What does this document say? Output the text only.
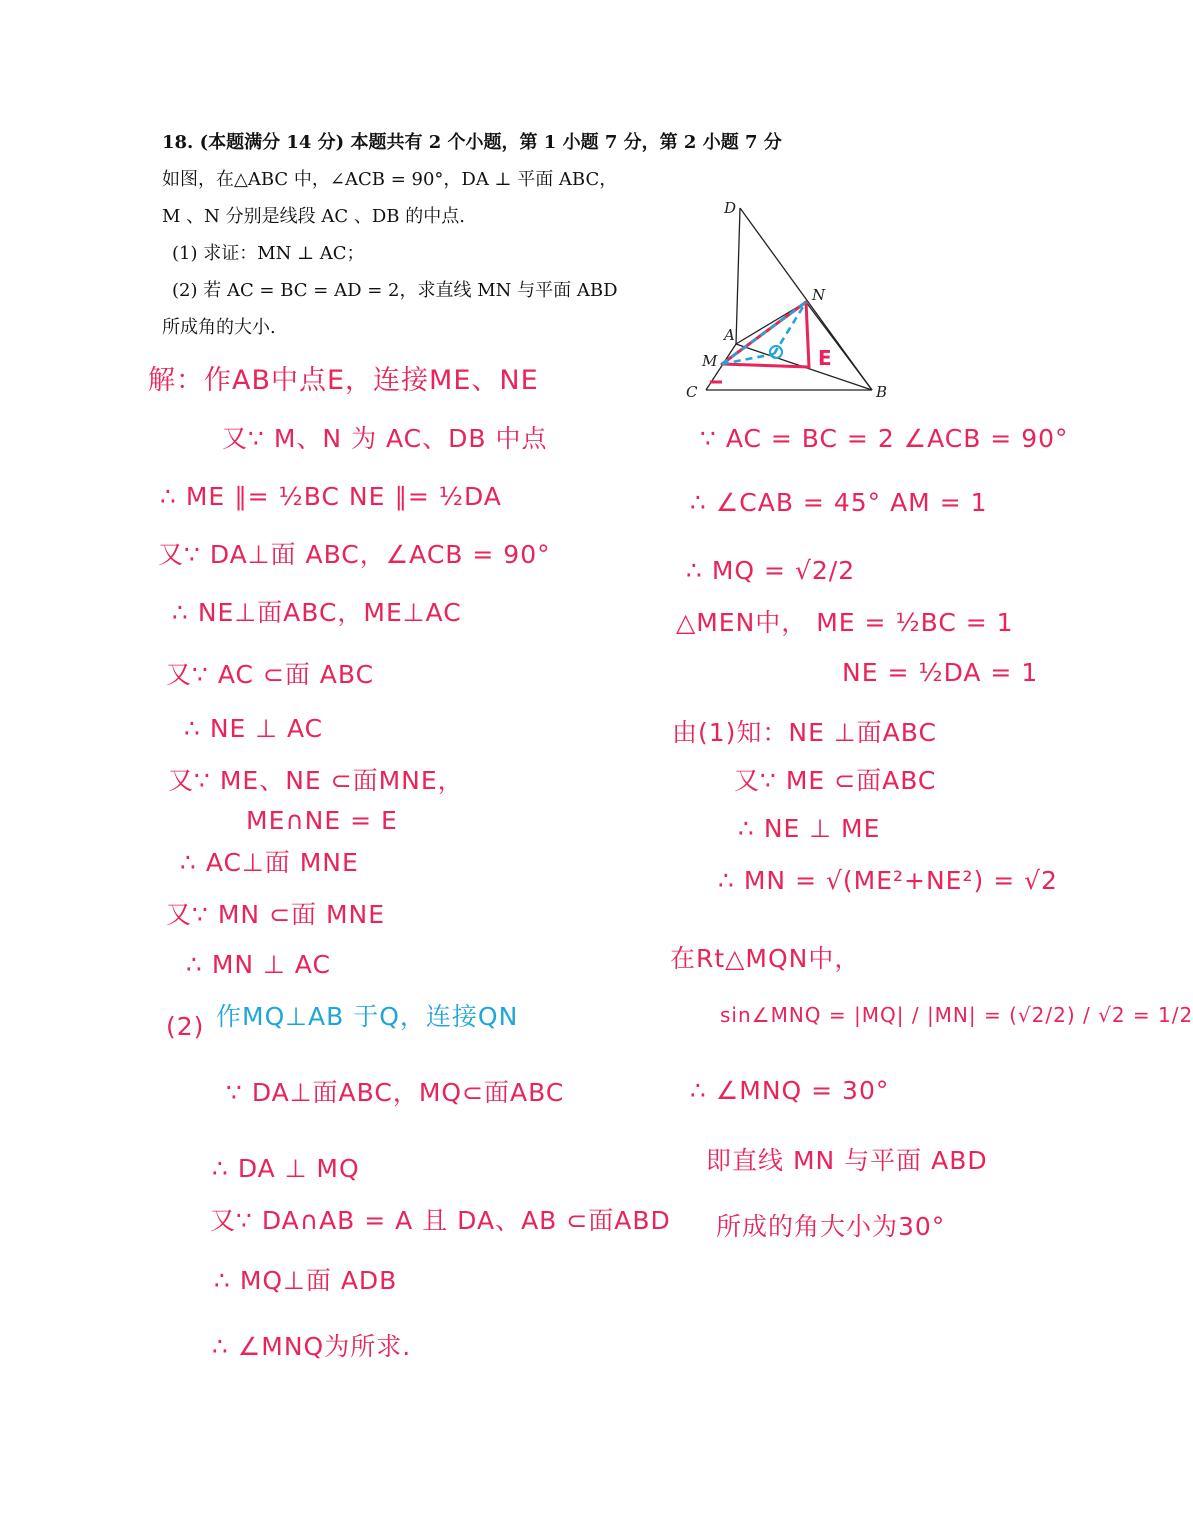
18. (本题满分 14 分) 本题共有 2 个小题，第 1 小题 7 分，第 2 小题 7 分
如图，在△ABC 中，∠ACB = 90°，DA ⊥ 平面 ABC，
M 、N 分别是线段 AC 、DB 的中点.
(1) 求证：MN ⊥ AC；
(2) 若 AC = BC = AD = 2，求直线 MN 与平面 ABD
所成角的大小.
D
N
A
M
C	B
E
解：作AB中点E，连接ME、NE
又∵ M、N 为 AC、DB 中点
∴ ME ∥= ½BC NE ∥= ½DA
又∵ DA⊥面 ABC，∠ACB = 90°
∴ NE⊥面ABC，ME⊥AC
又∵ AC ⊂面 ABC
∴ NE ⊥ AC
又∵ ME、NE ⊂面MNE，
ME∩NE = E
∴ AC⊥面 MNE
又∵ MN ⊂面 MNE
∴ MN ⊥ AC
(2) 作MQ⊥AB 于Q，连接QN
∵ DA⊥面ABC，MQ⊂面ABC
∴ DA ⊥ MQ
又∵ DA∩AB = A 且 DA、AB ⊂面ABD
∴ MQ⊥面 ADB
∴ ∠MNQ为所求.
∵ AC = BC = 2 ∠ACB = 90°
∴ ∠CAB = 45° AM = 1
∴ MQ = √2/2
△MEN中， ME = ½BC = 1
NE = ½DA = 1
由(1)知：NE ⊥面ABC
又∵ ME ⊂面ABC
∴ NE ⊥ ME
∴ MN = √(ME²+NE²) = √2
在Rt△MQN中，
sin∠MNQ = |MQ| / |MN| = (√2/2) / √2 = 1/2
∴ ∠MNQ = 30°
即直线 MN 与平面 ABD
所成的角大小为30°
